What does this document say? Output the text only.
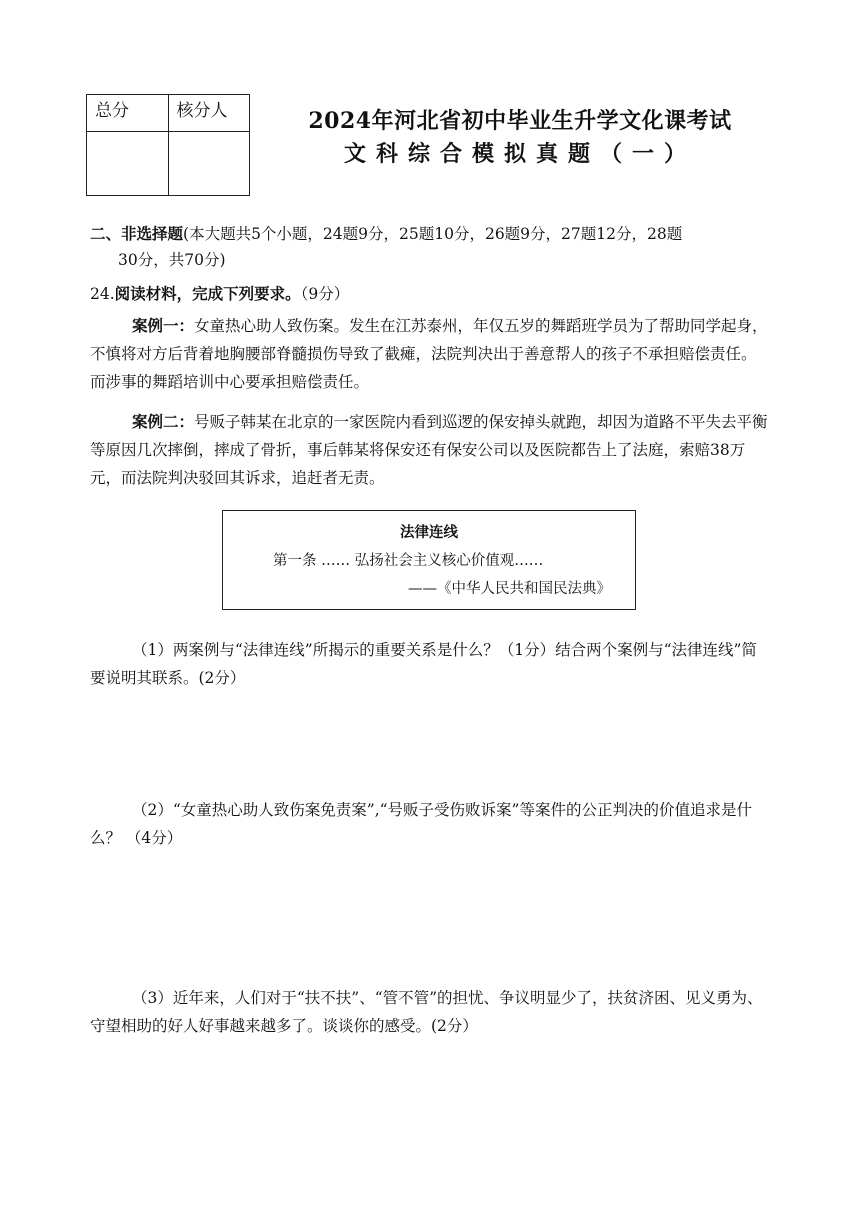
总分	核分人
		2024年河北省初中毕业生升学文化课考试
文科综合模拟真题（一）

二、非选择题(本大题共5个小题，24题9分，25题10分，26题9分，27题12分，28题

30分，共70分)

24.阅读材料，完成下列要求。（9分）

案例一：女童热心助人致伤案。发生在江苏泰州，年仅五岁的舞蹈班学员为了帮助同学起身，不慎将对方后背着地胸腰部脊髓损伤导致了截瘫，法院判决出于善意帮人的孩子不承担赔偿责任。而涉事的舞蹈培训中心要承担赔偿责任。

案例二：号贩子韩某在北京的一家医院内看到巡逻的保安掉头就跑，却因为道路不平失去平衡等原因几次摔倒，摔成了骨折，事后韩某将保安还有保安公司以及医院都告上了法庭，索赔38万元，而法院判决驳回其诉求，追赶者无责。

法律连线
第一条 …… 弘扬社会主义核心价值观……
——《中华人民共和国民法典》

（1）两案例与“法律连线”所揭示的重要关系是什么？（1分）结合两个案例与“法律连线”简要说明其联系。(2分）

（2）“女童热心助人致伤案免责案”,“号贩子受伤败诉案”等案件的公正判决的价值追求是什么？ （4分）

（3）近年来，人们对于“扶不扶”、“管不管”的担忧、争议明显少了，扶贫济困、见义勇为、守望相助的好人好事越来越多了。谈谈你的感受。(2分）
